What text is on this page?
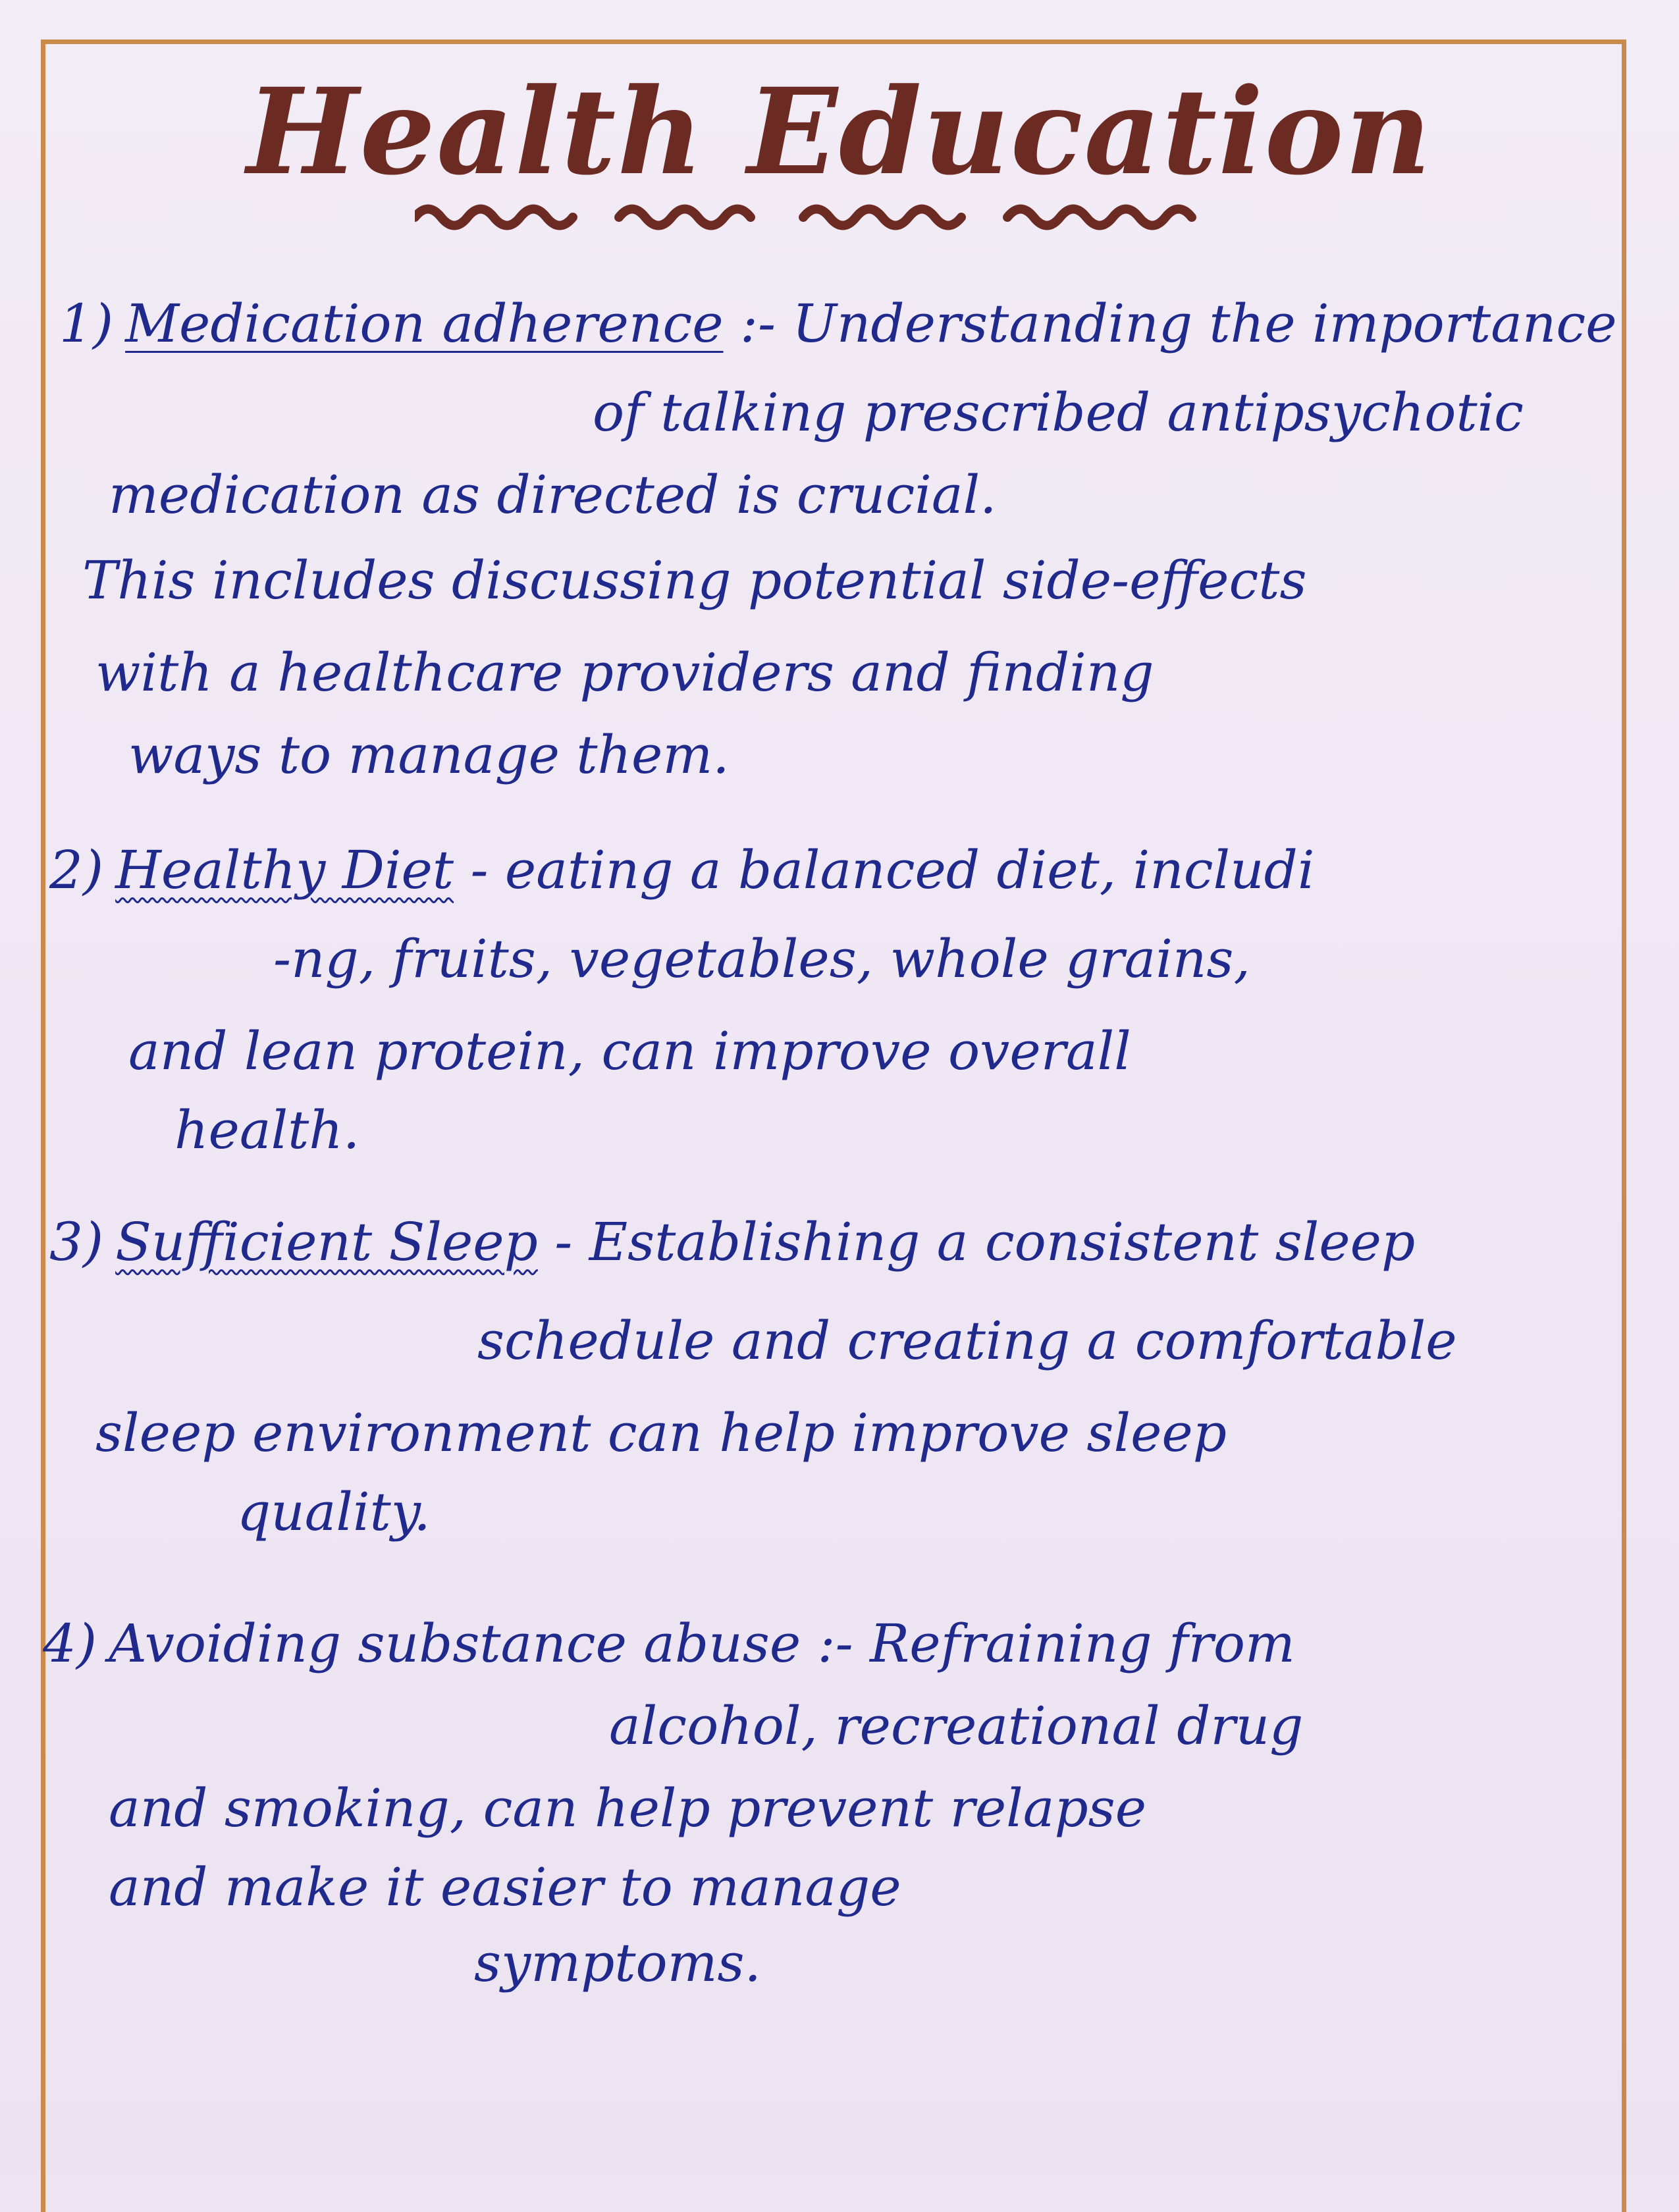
Health Education
1) Medication adherence :- Understanding the importance
of talking prescribed antipsychotic
medication as directed is crucial.
This includes discussing potential side-effects
with a healthcare providers and finding
ways to manage them.
2) Healthy Diet - eating a balanced diet, includi
-ng, fruits, vegetables, whole grains,
and lean protein, can improve overall
health.
3) Sufficient Sleep - Establishing a consistent sleep
schedule and creating a comfortable
sleep environment can help improve sleep
quality.
4) Avoiding substance abuse :- Refraining from
alcohol, recreational drug
and smoking, can help prevent relapse
and make it easier to manage
symptoms.
